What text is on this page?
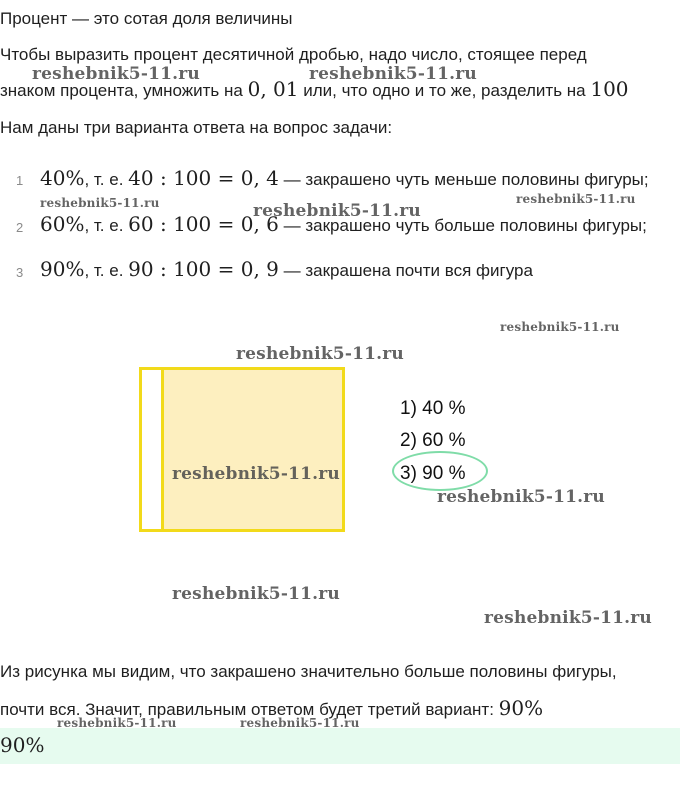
Процент — это сотая доля величины
Чтобы выразить процент десятичной дробью, надо число, стоящее перед
знаком процента, умножить на 0, 01 или, что одно и то же, разделить на 100
Нам даны три варианта ответа на вопрос задачи:
1 40%, т. е. 40 : 100 = 0, 4 — закрашено чуть меньше половины фигуры;
2 60%, т. е. 60 : 100 = 0, 6 — закрашено чуть больше половины фигуры;
3 90%, т. е. 90 : 100 = 0, 9 — закрашена почти вся фигура
1) 40 %
2) 60 %
3) 90 %
Из рисунка мы видим, что закрашено значительно больше половины фигуры,
почти вся. Значит, правильным ответом будет третий вариант: 90%
90%
reshebnik5-11.ru	reshebnik5-11.ru
reshebnik5-11.ru	reshebnik5-11.ru
reshebnik5-11.ru
reshebnik5-11.ru
reshebnik5-11.ru
reshebnik5-11.ru
reshebnik5-11.ru
reshebnik5-11.ru
reshebnik5-11.ru
reshebnik5-11.ru	reshebnik5-11.ru
